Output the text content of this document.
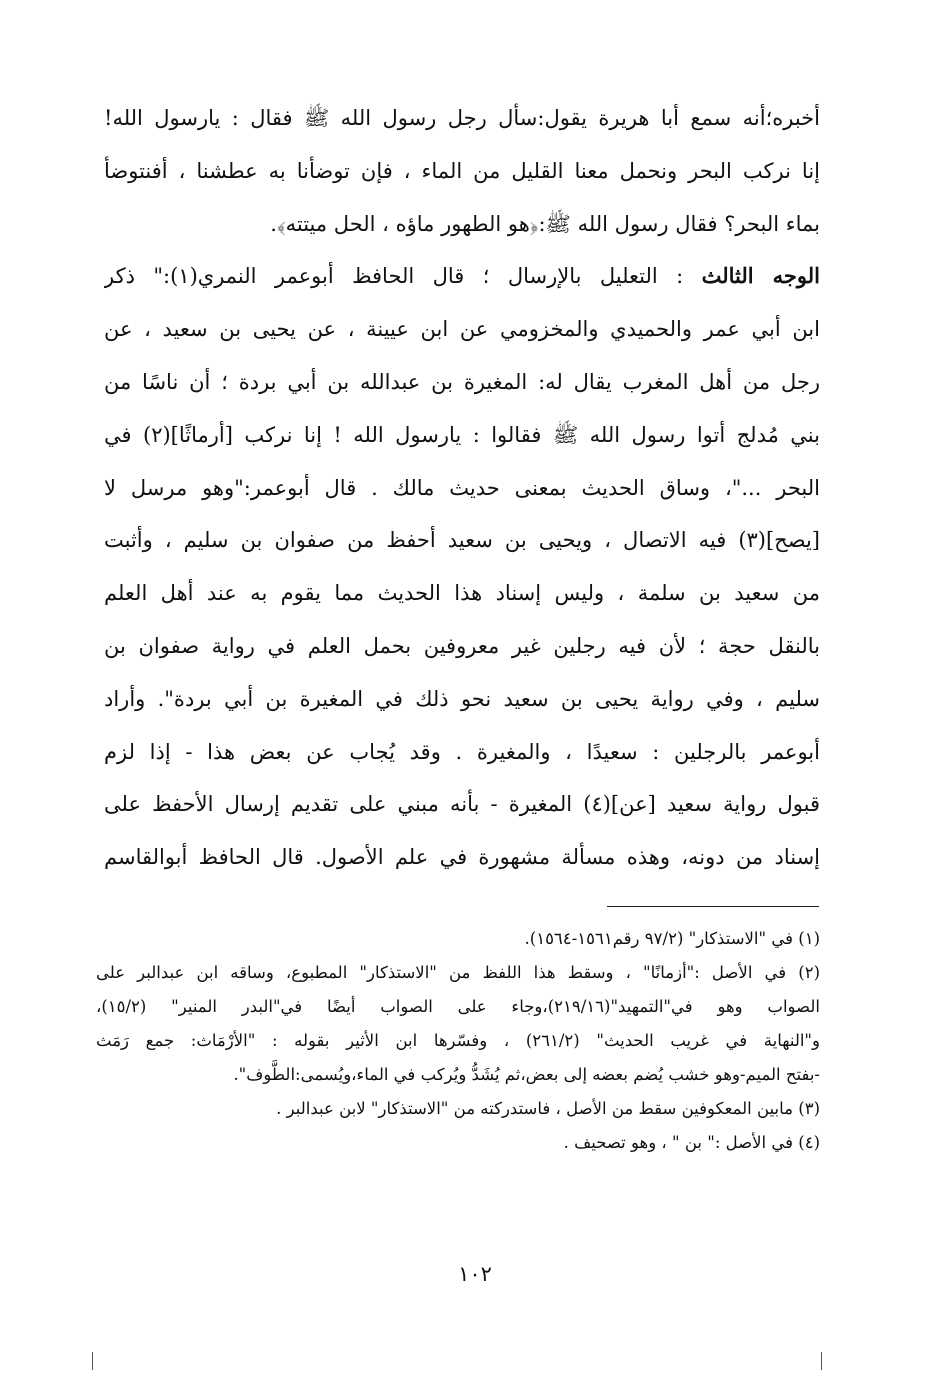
أخبره؛أنه سمع أبا هريرة يقول:سأل رجل رسول الله ﷺ فقال : يارسول الله!
إنا نركب البحر ونحمل معنا القليل من الماء ، فإن توضأنا به عطشنا ، أفنتوضأ
بماء البحر؟ فقال رسول الله ﷺ:﴿هو الطهور ماؤه ، الحل ميتته﴾.
الوجه الثالث : التعليل بالإرسال ؛ قال الحافظ أبوعمر النمري(١):" ذكر
ابن أبي عمر والحميدي والمخزومي عن ابن عيينة ، عن يحيى بن سعيد ، عن
رجل من أهل المغرب يقال له: المغيرة بن عبدالله بن أبي بردة ؛ أن ناسًا من
بني مُدلج أتوا رسول الله ﷺ فقالوا : يارسول الله ! إنا نركب [أرماثًا](٢) في
البحر ..."، وساق الحديث بمعنى حديث مالك . قال أبوعمر:"وهو مرسل لا
[يصح](٣) فيه الاتصال ، ويحيى بن سعيد أحفظ من صفوان بن سليم ، وأثبت
من سعيد بن سلمة ، وليس إسناد هذا الحديث مما يقوم به عند أهل العلم
بالنقل حجة ؛ لأن فيه رجلين غير معروفين بحمل العلم في رواية صفوان بن
سليم ، وفي رواية يحيى بن سعيد نحو ذلك في المغيرة بن أبي بردة". وأراد
أبوعمر بالرجلين : سعيدًا ، والمغيرة . وقد يُجاب عن بعض هذا - إذا لزم
قبول رواية سعيد [عن](٤) المغيرة - بأنه مبني على تقديم إرسال الأحفظ على
إسناد من دونه، وهذه مسألة مشهورة في علم الأصول. قال الحافظ أبوالقاسم
(١) في "الاستذكار" (٩٧/٢ رقم١٥٦١-١٥٦٤).
(٢) في الأصل :"أزمانًا" ، وسقط هذا اللفظ من "الاستذكار" المطبوع، وساقه ابن عبدالبر على
الصواب وهو في"التمهيد"(٢١٩/١٦)،وجاء على الصواب أيضًا في"البدر المنير" (١٥/٢)،
و"النهاية في غريب الحديث" (٢٦١/٢) ، وفسّرها ابن الأثير بقوله : "الأرْمَاث: جمع رَمَث
-بفتح الميم-وهو خشب يُضم بعضه إلى بعض،ثم يُشَدُّ ويُركب في الماء،ويُسمى:الطَّوف".
(٣) مابين المعكوفين سقط من الأصل ، فاستدركته من "الاستذكار" لابن عبدالبر .
(٤) في الأصل :" بن " ، وهو تصحيف .
١٠٢
